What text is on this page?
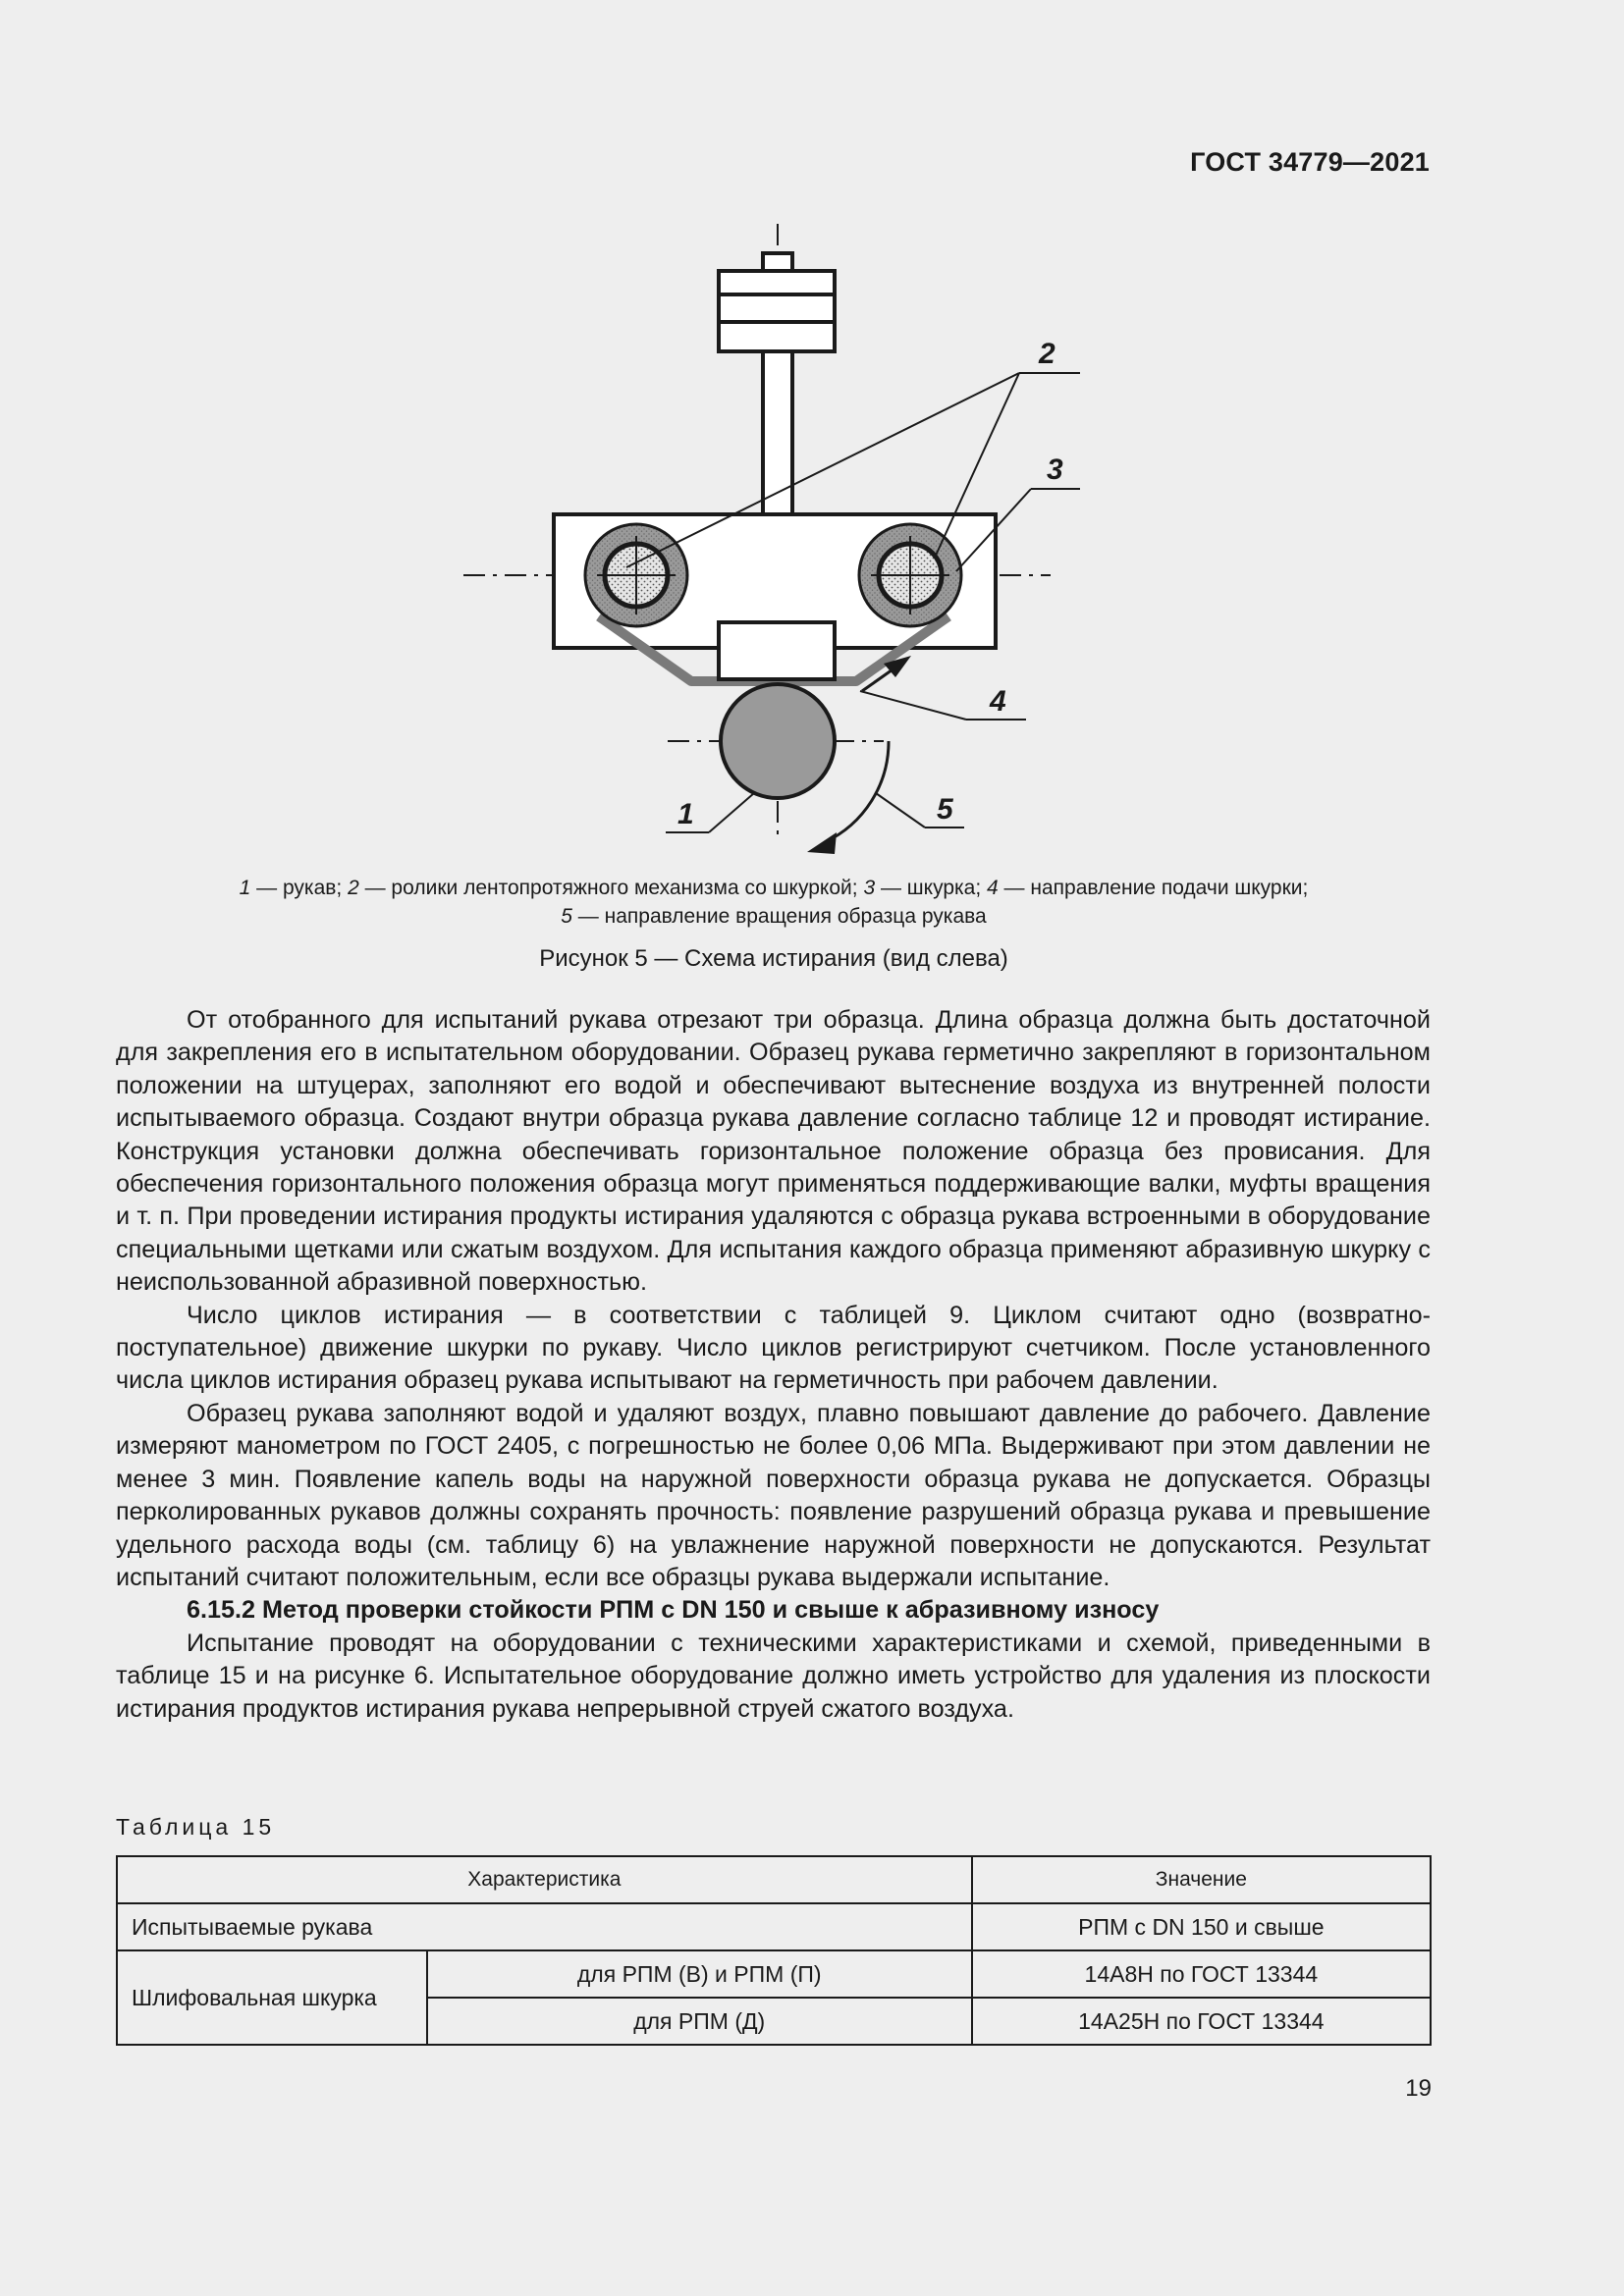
ГОСТ 34779—2021
2
3
4
1	5
1 — рукав; 2 — ролики лентопротяжного механизма со шкуркой; 3 — шкурка; 4 — направление подачи шкурки;
5 — направление вращения образца рукава
Рисунок 5 — Схема истирания (вид слева)

От отобранного для испытаний рукава отрезают три образца. Длина образца должна быть достаточной для закрепления его в испытательном оборудовании. Образец рукава герметично закрепляют в горизонтальном положении на штуцерах, заполняют его водой и обеспечивают вытеснение воздуха из внутренней полости испытываемого образца. Создают внутри образца рукава давление согласно таблице 12 и проводят истирание. Конструкция установки должна обеспечивать горизонтальное положение образца без провисания. Для обеспечения горизонтального положения образца могут применяться поддерживающие валки, муфты вращения и т. п. При проведении истирания продукты истирания удаляются с образца рукава встроенными в оборудование специальными щетками или сжатым воздухом. Для испытания каждого образца применяют абразивную шкурку с неиспользованной абразивной поверхностью.

Число циклов истирания — в соответствии с таблицей 9. Циклом считают одно (возвратно-поступательное) движение шкурки по рукаву. Число циклов регистрируют счетчиком. После установленного числа циклов истирания образец рукава испытывают на герметичность при рабочем давлении.

Образец рукава заполняют водой и удаляют воздух, плавно повышают давление до рабочего. Давление измеряют манометром по ГОСТ 2405, с погрешностью не более 0,06 МПа. Выдерживают при этом давлении не менее 3 мин. Появление капель воды на наружной поверхности образца рукава не допускается. Образцы перколированных рукавов должны сохранять прочность: появление разрушений образца рукава и превышение удельного расхода воды (см. таблицу 6) на увлажнение наружной поверхности не допускаются. Результат испытаний считают положительным, если все образцы рукава выдержали испытание.

6.15.2 Метод проверки стойкости РПМ с DN 150 и свыше к абразивному износу

Испытание проводят на оборудовании с техническими характеристиками и схемой, приведенными в таблице 15 и на рисунке 6. Испытательное оборудование должно иметь устройство для удаления из плоскости истирания продуктов истирания рукава непрерывной струей сжатого воздуха.

Таблица 15
Характеристика		Значение
Испытываемые рукава		РПМ с DN 150 и свыше
Шлифовальная шкурка	для РПМ (В) и РПМ (П)	14А8Н по ГОСТ 13344
	для РПМ (Д)	14А25Н по ГОСТ 13344
19
